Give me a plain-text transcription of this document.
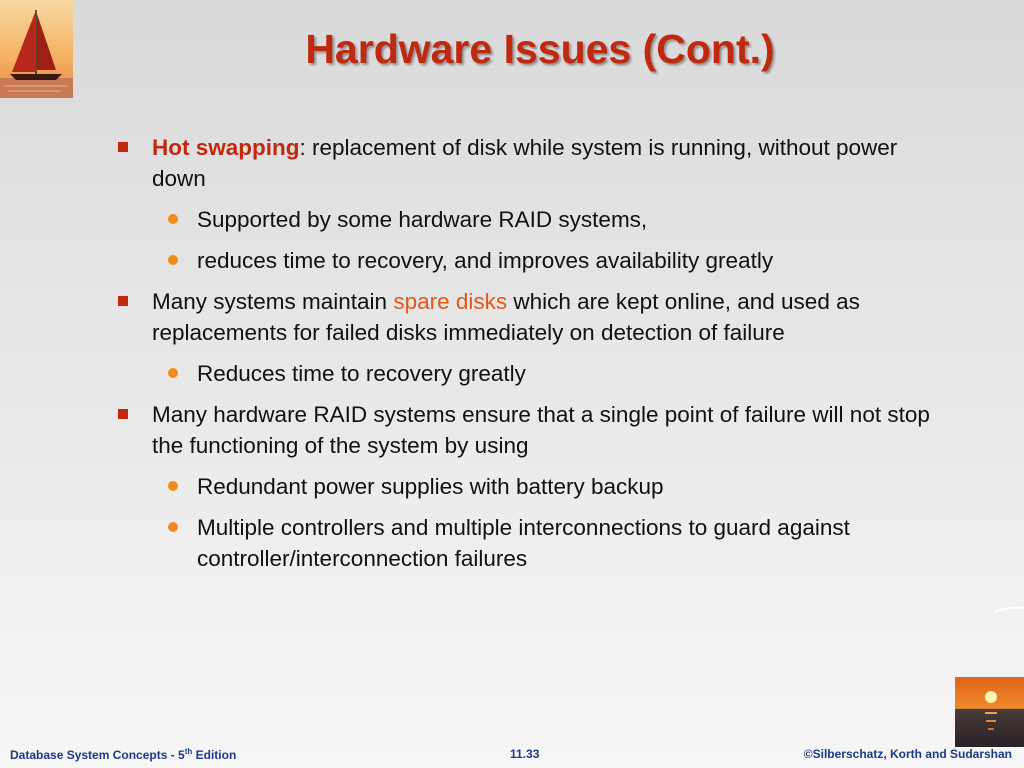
Hardware Issues (Cont.)
Hot swapping: replacement of disk while system is running, without power down
Supported by some hardware RAID systems,
reduces time to recovery, and improves availability greatly
Many systems maintain spare disks which are kept online, and used as replacements for failed disks immediately on detection of failure
Reduces time to recovery greatly
Many hardware RAID systems ensure that a single point of failure will not stop the functioning of the system by using
Redundant power supplies with battery backup
Multiple controllers and multiple interconnections to guard against controller/interconnection failures
Database System Concepts - 5th Edition	11.33	©Silberschatz, Korth and Sudarshan
